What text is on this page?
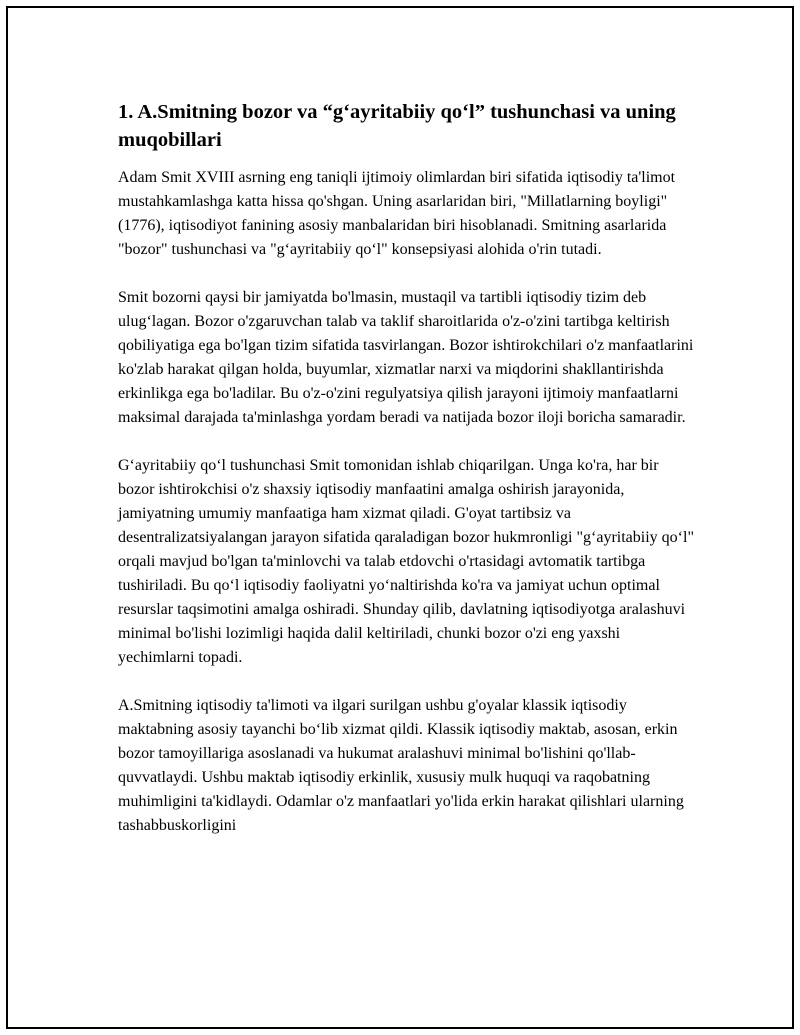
1. A.Smitning bozor va “g‘ayritabiiy qo‘l” tushunchasi va uning muqobillari

Adam Smit XVIII asrning eng taniqli ijtimoiy olimlardan biri sifatida iqtisodiy ta'limot mustahkamlashga katta hissa qo'shgan. Uning asarlaridan biri, "Millatlarning boyligi" (1776), iqtisodiyot fanining asosiy manbalaridan biri hisoblanadi. Smitning asarlarida "bozor" tushunchasi va "g‘ayritabiiy qo‘l" konsepsiyasi alohida o'rin tutadi.

Smit bozorni qaysi bir jamiyatda bo'lmasin, mustaqil va tartibli iqtisodiy tizim deb ulug‘lagan. Bozor o'zgaruvchan talab va taklif sharoitlarida o'z-o'zini tartibga keltirish qobiliyatiga ega bo'lgan tizim sifatida tasvirlangan. Bozor ishtirokchilari o'z manfaatlarini ko'zlab harakat qilgan holda, buyumlar, xizmatlar narxi va miqdorini shakllantirishda erkinlikga ega bo'ladilar. Bu o'z-o'zini regulyatsiya qilish jarayoni ijtimoiy manfaatlarni maksimal darajada ta'minlashga yordam beradi va natijada bozor iloji boricha samaradir.

G‘ayritabiiy qo‘l tushunchasi Smit tomonidan ishlab chiqarilgan. Unga ko'ra, har bir bozor ishtirokchisi o'z shaxsiy iqtisodiy manfaatini amalga oshirish jarayonida, jamiyatning umumiy manfaatiga ham xizmat qiladi. G'oyat tartibsiz va desentralizatsiyalangan jarayon sifatida qaraladigan bozor hukmronligi "g‘ayritabiiy qo‘l" orqali mavjud bo'lgan ta'minlovchi va talab etdovchi o'rtasidagi avtomatik tartibga tushiriladi. Bu qo‘l iqtisodiy faoliyatni yo‘naltirishda ko'ra va jamiyat uchun optimal resurslar taqsimotini amalga oshiradi. Shunday qilib, davlatning iqtisodiyotga aralashuvi minimal bo'lishi lozimligi haqida dalil keltiriladi, chunki bozor o'zi eng yaxshi yechimlarni topadi.

A.Smitning iqtisodiy ta'limoti va ilgari surilgan ushbu g'oyalar klassik iqtisodiy maktabning asosiy tayanchi bo‘lib xizmat qildi. Klassik iqtisodiy maktab, asosan, erkin bozor tamoyillariga asoslanadi va hukumat aralashuvi minimal bo'lishini qo'llab-quvvatlaydi. Ushbu maktab iqtisodiy erkinlik, xususiy mulk huquqi va raqobatning muhimligini ta'kidlaydi. Odamlar o'z manfaatlari yo'lida erkin harakat qilishlari ularning tashabbuskorligini
